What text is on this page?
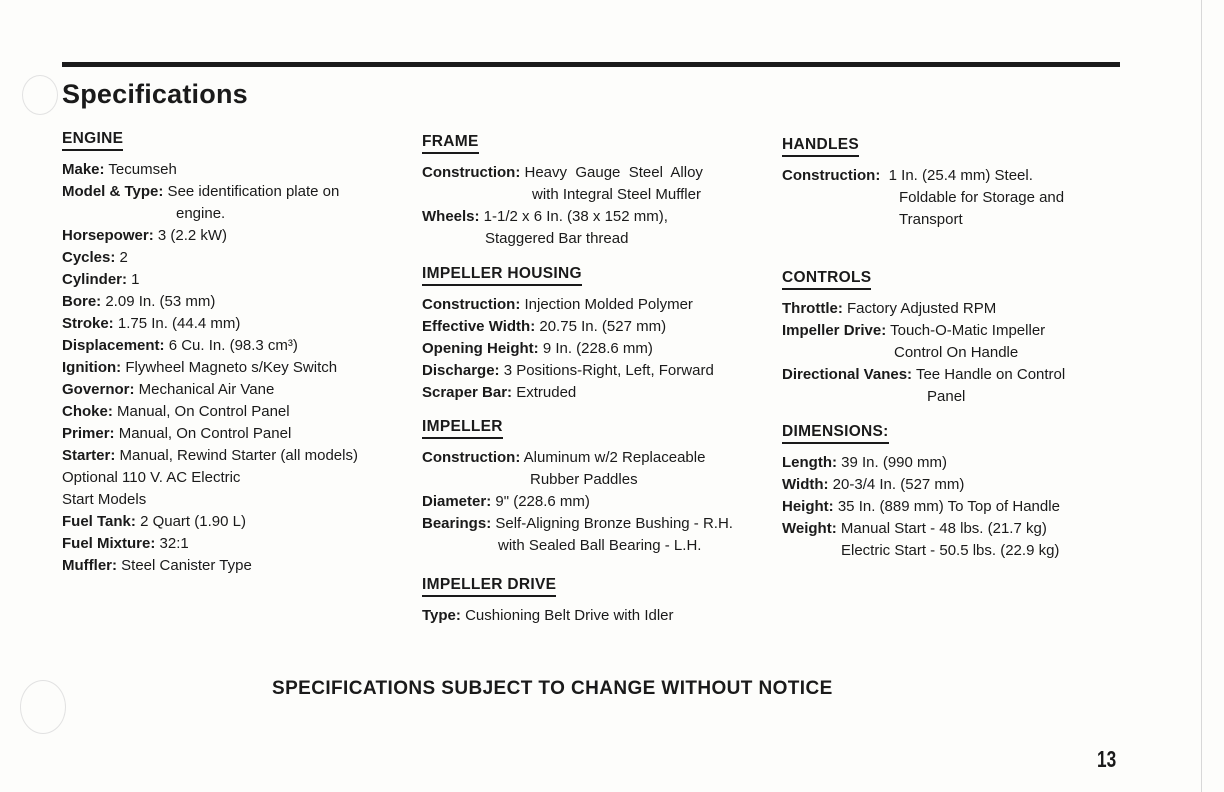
Specifications
ENGINE
Make: Tecumseh
Model & Type: See identification plate on
engine.
Horsepower: 3 (2.2 kW)
Cycles: 2
Cylinder: 1
Bore: 2.09 In. (53 mm)
Stroke: 1.75 In. (44.4 mm)
Displacement: 6 Cu. In. (98.3 cm³)
Ignition: Flywheel Magneto s/Key Switch
Governor: Mechanical Air Vane
Choke: Manual, On Control Panel
Primer: Manual, On Control Panel
Starter: Manual, Rewind Starter (all models)
Optional 110 V. AC Electric
Start Models
Fuel Tank: 2 Quart (1.90 L)
Fuel Mixture: 32:1
Muffler: Steel Canister Type
FRAME
Construction: Heavy  Gauge  Steel  Alloy
with Integral Steel Muffler
Wheels: 1-1/2 x 6 In. (38 x 152 mm),
Staggered Bar thread
IMPELLER HOUSING
Construction: Injection Molded Polymer
Effective Width: 20.75 In. (527 mm)
Opening Height: 9 In. (228.6 mm)
Discharge: 3 Positions-Right, Left, Forward
Scraper Bar: Extruded
IMPELLER
Construction: Aluminum w/2 Replaceable
Rubber Paddles
Diameter: 9" (228.6 mm)
Bearings: Self-Aligning Bronze Bushing - R.H.
with Sealed Ball Bearing - L.H.
IMPELLER DRIVE
Type: Cushioning Belt Drive with Idler
HANDLES
Construction:  1 In. (25.4 mm) Steel.
Foldable for Storage and
Transport
CONTROLS
Throttle: Factory Adjusted RPM
Impeller Drive: Touch-O-Matic Impeller
Control On Handle
Directional Vanes: Tee Handle on Control
Panel
DIMENSIONS:
Length: 39 In. (990 mm)
Width: 20-3/4 In. (527 mm)
Height: 35 In. (889 mm) To Top of Handle
Weight: Manual Start - 48 lbs. (21.7 kg)
Electric Start - 50.5 lbs. (22.9 kg)

SPECIFICATIONS SUBJECT TO CHANGE WITHOUT NOTICE

13
